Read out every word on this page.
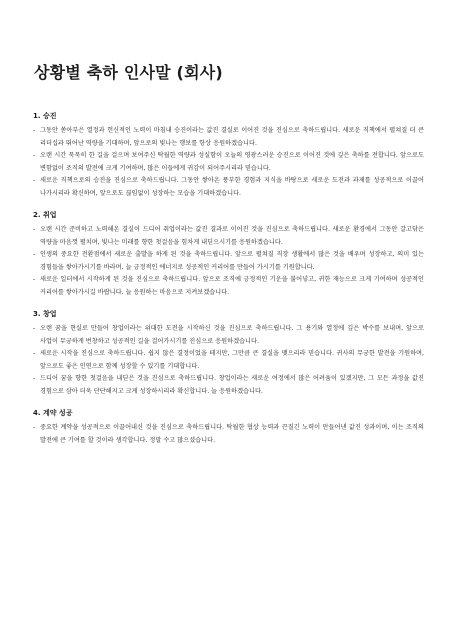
상황별 축하 인사말 (회사)
1. 승진
- 그동안 쏟아부은 열정과 헌신적인 노력이 마침내 승진이라는 값진 결실로 이어진 것을 진심으로 축하드립니다. 새로운 직책에서 펼쳐질 더 큰 리더십과 뛰어난 역량을 기대하며, 앞으로의 빛나는 행보를 항상 응원하겠습니다.
- 오랜 시간 묵묵히 한 길을 걸으며 보여주신 탁월한 역량과 성실함이 오늘의 영광스러운 승진으로 이어진 것에 깊은 축하를 전합니다. 앞으로도 변함없이 조직의 발전에 크게 기여하며, 많은 이들에게 귀감이 되어주시리라 믿습니다.
- 새로운 직책으로의 승진을 진심으로 축하드립니다. 그동안 쌓아온 풍부한 경험과 지식을 바탕으로 새로운 도전과 과제를 성공적으로 이끌어 나가시리라 확신하며, 앞으로도 끊임없이 성장하는 모습을 기대하겠습니다.
2. 취업
- 오랜 시간 준비하고 노력해온 결실이 드디어 취업이라는 값진 결과로 이어진 것을 진심으로 축하드립니다. 새로운 환경에서 그동안 갈고닦은 역량을 마음껏 펼치며, 빛나는 미래를 향한 첫걸음을 힘차게 내딛으시기를 응원하겠습니다.
- 인생의 중요한 전환점에서 새로운 출발을 하게 된 것을 축하드립니다. 앞으로 펼쳐질 직장 생활에서 많은 것을 배우며 성장하고, 의미 있는 경험들을 쌓아가시기를 바라며, 늘 긍정적인 에너지로 성공적인 커리어를 만들어 가시기를 기원합니다.
- 새로운 일터에서 시작하게 된 것을 진심으로 축하드립니다. 앞으로 조직에 긍정적인 기운을 불어넣고, 귀한 재능으로 크게 기여하며 성공적인 커리어를 쌓아가시길 바랍니다. 늘 응원하는 마음으로 지켜보겠습니다.
3. 창업
- 오랜 꿈을 현실로 만들어 창업이라는 위대한 도전을 시작하신 것을 진심으로 축하드립니다. 그 용기와 열정에 깊은 박수를 보내며, 앞으로 사업이 무궁하게 번창하고 성공적인 길을 걸어가시기를 진심으로 응원하겠습니다.
- 새로운 시작을 진심으로 축하드립니다. 쉽지 않은 결정이었을 테지만, 그만큼 큰 결실을 맺으리라 믿습니다. 귀사의 무궁한 발전을 기원하며, 앞으로도 좋은 인연으로 함께 성장할 수 있기를 기대합니다.
- 드디어 꿈을 향한 첫걸음을 내딛은 것을 진심으로 축하드립니다. 창업이라는 새로운 여정에서 많은 어려움이 있겠지만, 그 모든 과정을 값진 경험으로 삼아 더욱 단단해지고 크게 성장하시리라 확신합니다. 늘 응원하겠습니다.
4. 계약 성공
- 중요한 계약을 성공적으로 이끌어내신 것을 진심으로 축하드립니다. 탁월한 협상 능력과 끈질긴 노력이 만들어낸 값진 성과이며, 이는 조직의 발전에 큰 기여를 할 것이라 생각합니다. 정말 수고 많으셨습니다.
